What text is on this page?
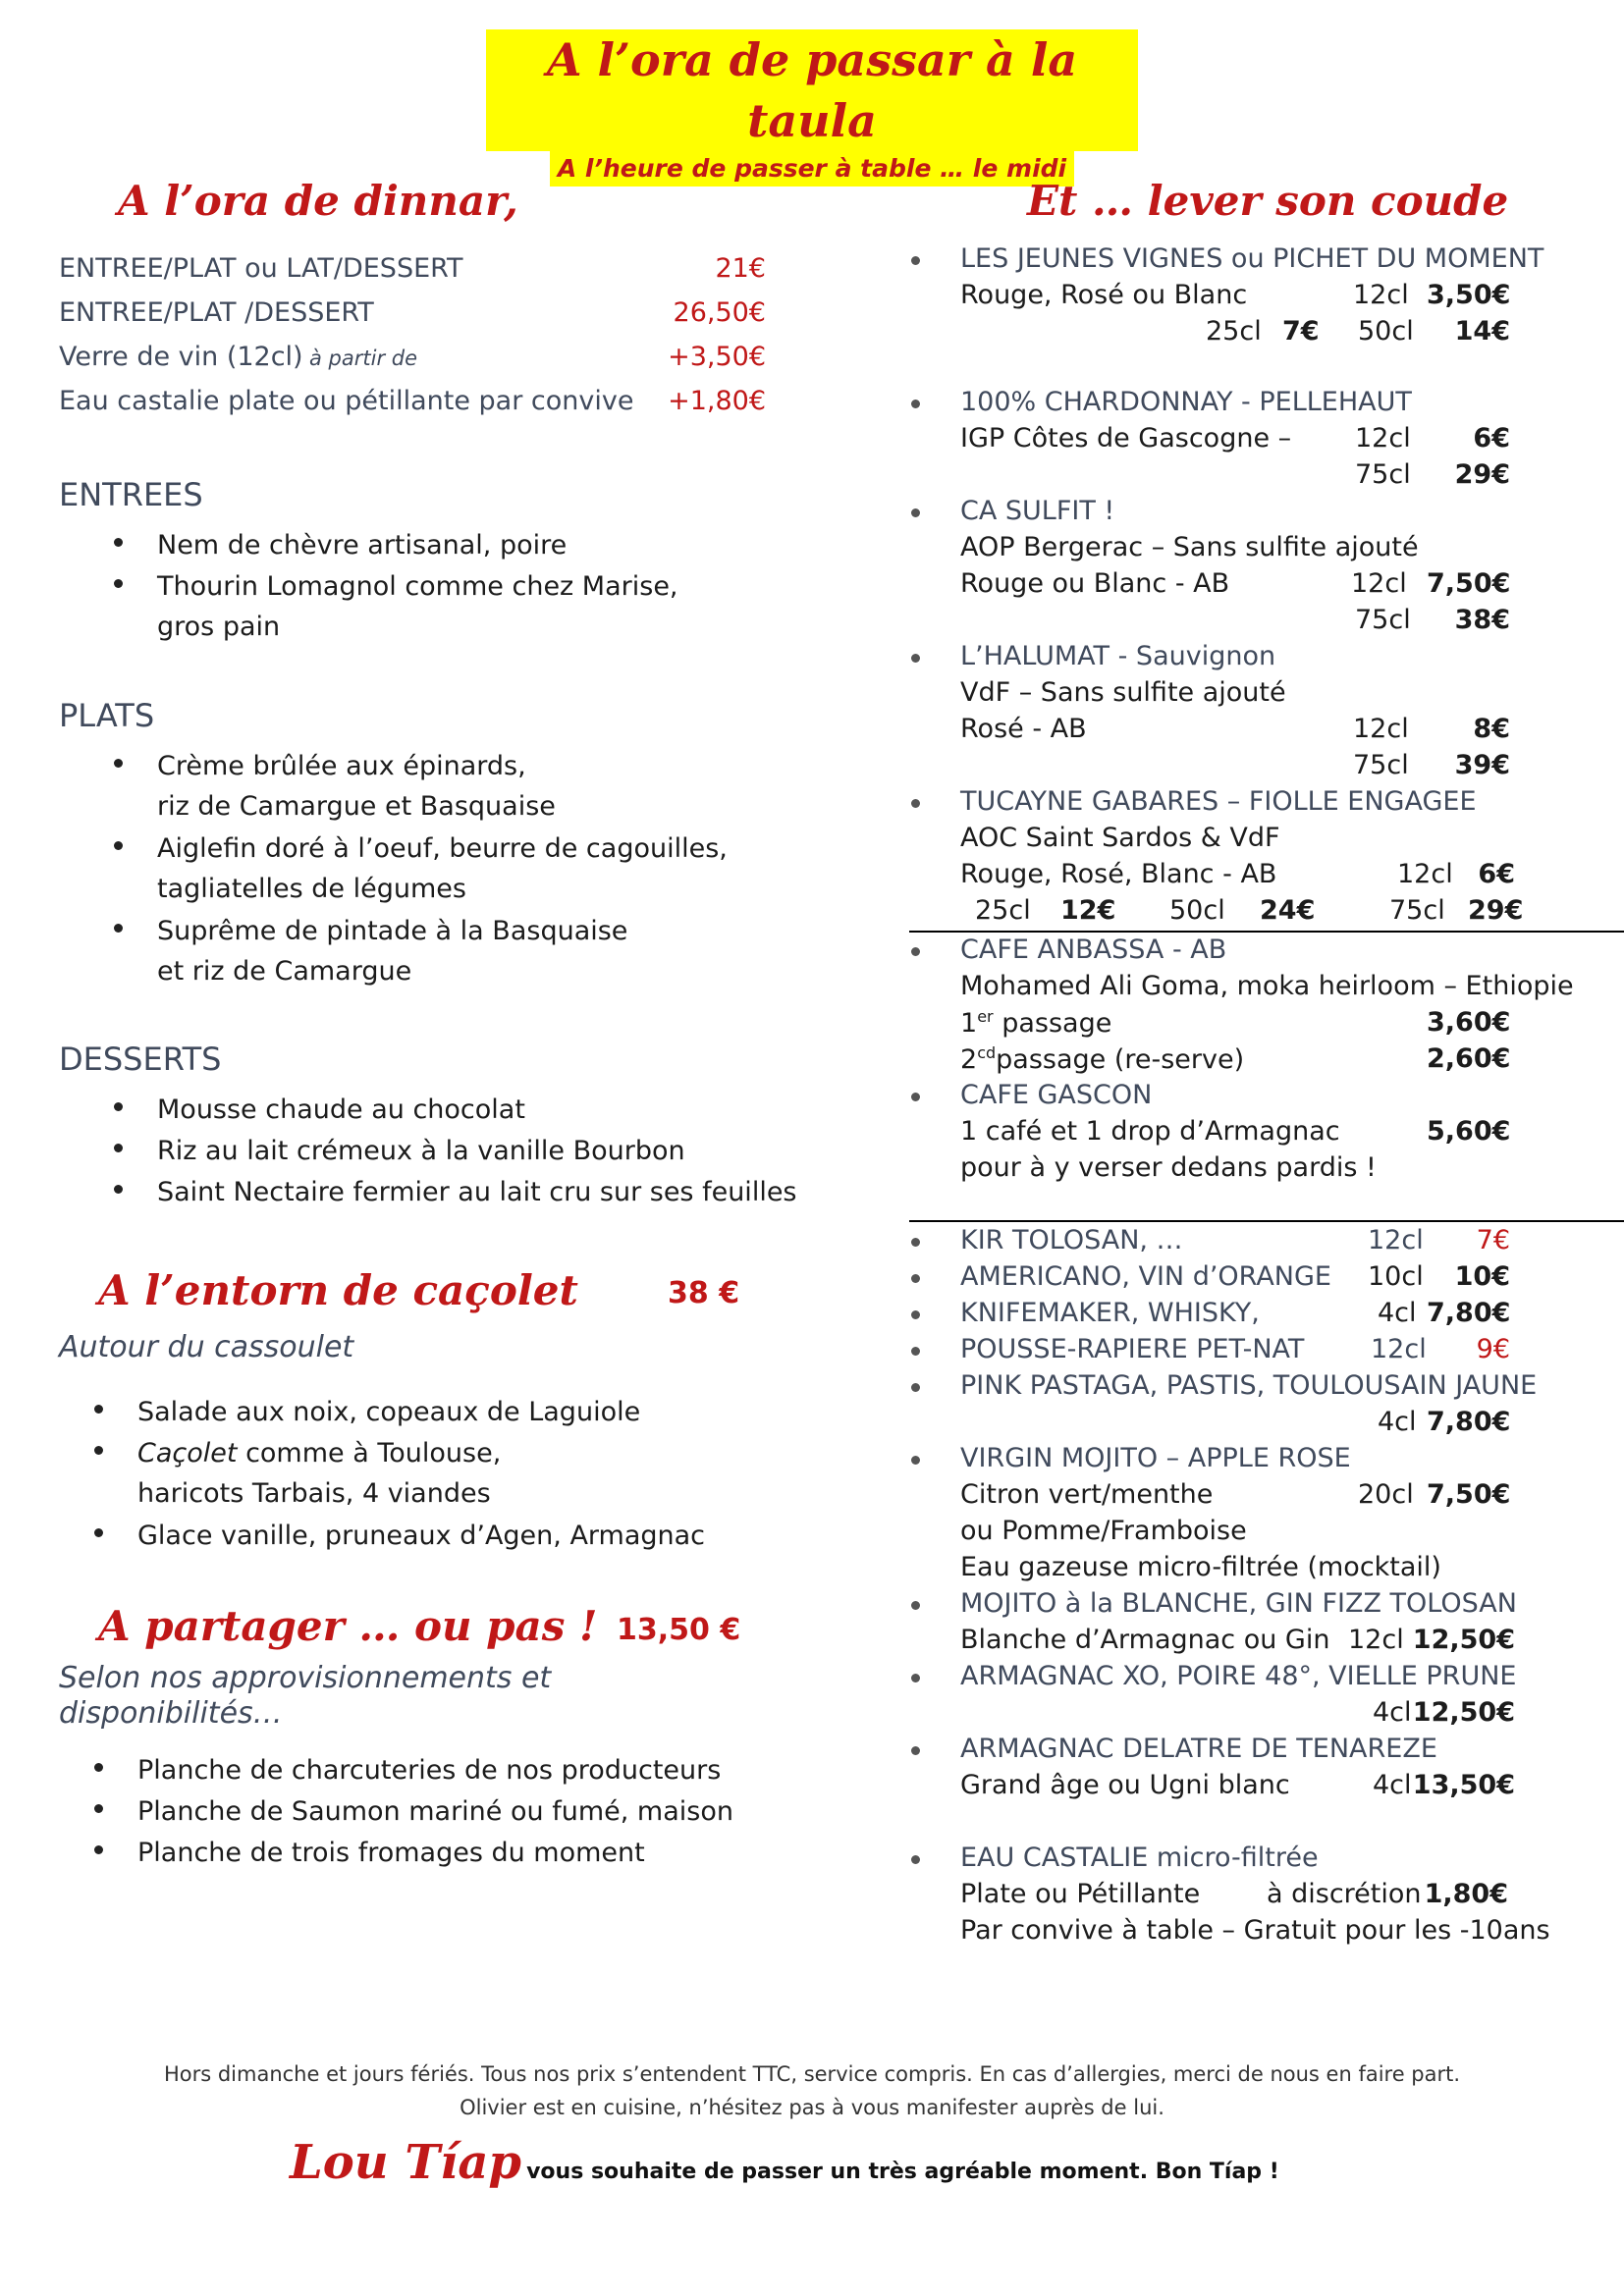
A l’ora de passar à la taula
A l’heure de passer à table … le midi
A l’ora de dinnar,
ENTREE/PLAT ou LAT/DESSERT	21€
ENTREE/PLAT /DESSERT	26,50€
Verre de vin (12cl) à partir de	+3,50€
Eau castalie plate ou pétillante par convive	+1,80€
ENTREES
Nem de chèvre artisanal, poire
Thourin Lomagnol comme chez Marise,
gros pain
PLATS
Crème brûlée aux épinards,
riz de Camargue et Basquaise
Aiglefin doré à l’oeuf, beurre de cagouilles,
tagliatelles de légumes
Suprême de pintade à la Basquaise
et riz de Camargue
DESSERTS
Mousse chaude au chocolat
Riz au lait crémeux à la vanille Bourbon
Saint Nectaire fermier au lait cru sur ses feuilles
A l’entorn de caçolet	38 €
Autour du cassoulet
Salade aux noix, copeaux de Laguiole
Caçolet comme à Toulouse,
haricots Tarbais, 4 viandes
Glace vanille, pruneaux d’Agen, Armagnac
A partager … ou pas ! 13,50 €
Selon nos approvisionnements et
disponibilités…
Planche de charcuteries de nos producteurs
Planche de Saumon mariné ou fumé, maison
Planche de trois fromages du moment
Et … lever son coude
LES JEUNES VIGNES ou PICHET DU MOMENT
Rouge, Rosé ou Blanc	12cl 3,50€
25cl 7€ 50cl	14€
100% CHARDONNAY - PELLEHAUT
IGP Côtes de Gascogne – 12cl	6€
75cl	29€
CA SULFIT !
AOP Bergerac – Sans sulfite ajouté
Rouge ou Blanc - AB	12cl 7,50€
75cl	38€
L’HALUMAT - Sauvignon
VdF – Sans sulfite ajouté
Rosé - AB	12cl	8€
75cl	39€
TUCAYNE GABARES – FIOLLE ENGAGEE
AOC Saint Sardos & VdF
Rouge, Rosé, Blanc - AB	12cl 6€
25cl 12€ 50cl 24€	75cl 29€
CAFE ANBASSA - AB
Mohamed Ali Goma, moka heirloom – Ethiopie
1er passage	3,60€
$2^{cd}passage$ (re-serve)	2,60€
CAFE GASCON
1 café et 1 drop d’Armagnac	5,60€
pour à y verser dedans pardis !
KIR TOLOSAN, …	12cl	7€
AMERICANO, VIN d’ORANGE 10cl	10€
KNIFEMAKER, WHISKY,	4cl 7,80€
POUSSE-RAPIERE PET-NAT	12cl	9€
PINK PASTAGA, PASTIS, TOULOUSAIN JAUNE
4cl 7,80€
VIRGIN MOJITO – APPLE ROSE
Citron vert/menthe	20cl 7,50€
ou Pomme/Framboise
Eau gazeuse micro-filtrée (mocktail)
MOJITO à la BLANCHE, GIN FIZZ TOLOSAN
Blanche d’Armagnac ou Gin 12cl 12,50€
ARMAGNAC XO, POIRE 48°, VIELLE PRUNE
4cl 12,50€
ARMAGNAC DELATRE DE TENAREZE
Grand âge ou Ugni blanc	4cl 13,50€
EAU CASTALIE micro-filtrée
Plate ou Pétillante	à discrétion 1,80€
Par convive à table – Gratuit pour les -10ans
Hors dimanche et jours fériés. Tous nos prix s’entendent TTC, service compris. En cas d’allergies, merci de nous en faire part.
Olivier est en cuisine, n’hésitez pas à vous manifester auprès de lui.
Lou Tíap vous souhaite de passer un très agréable moment. Bon Tíap !
